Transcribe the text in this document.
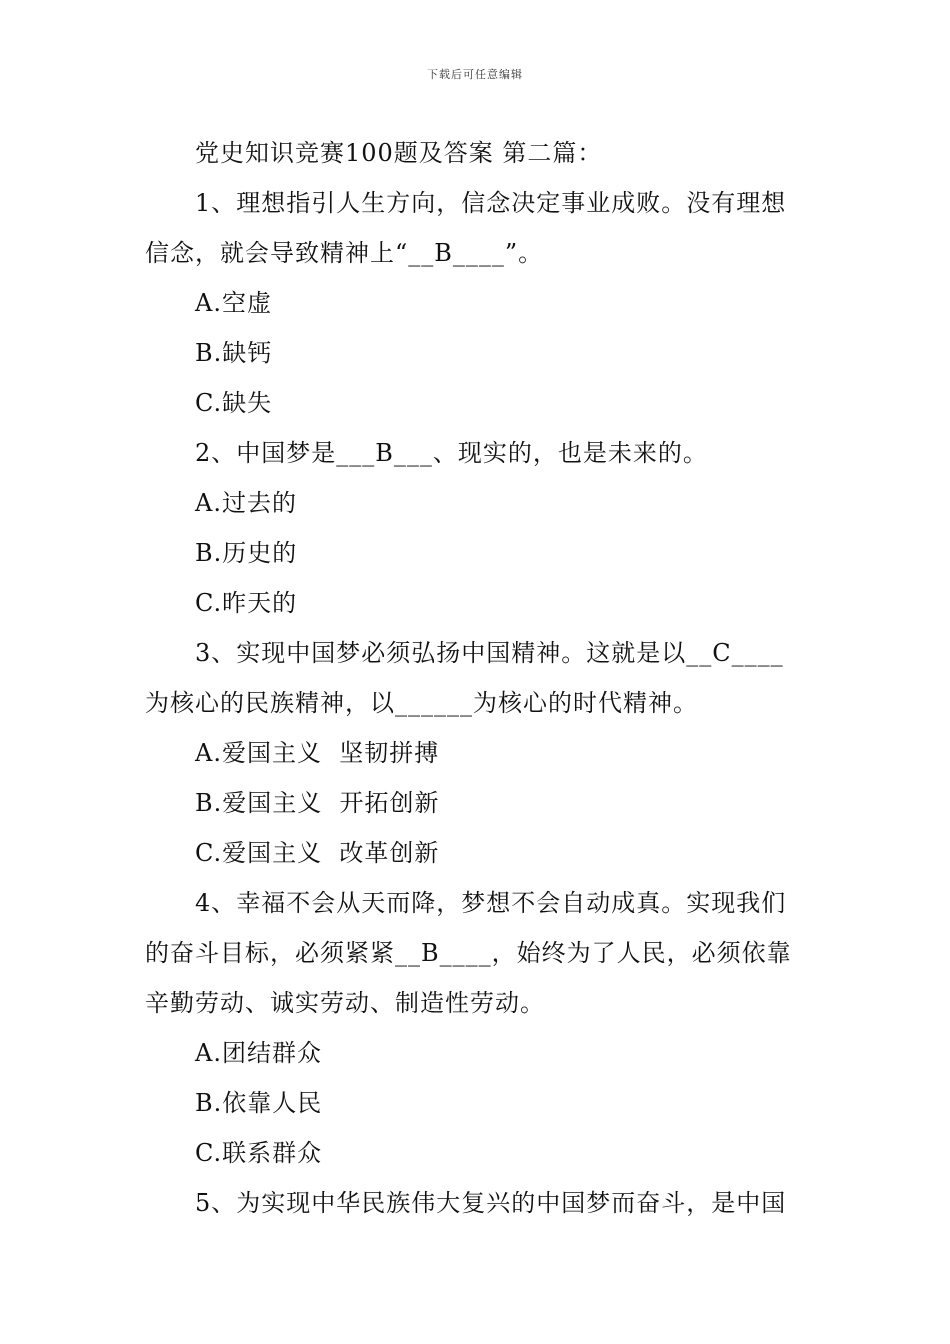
下载后可任意编辑
党史知识竞赛100题及答案 第二篇：
1、理想指引人生方向，信念决定事业成败。没有理想
信念，就会导致精神上“__B____”。
A.空虚
B.缺钙
C.缺失
2、中国梦是___B___、现实的，也是未来的。
A.过去的
B.历史的
C.昨天的
3、实现中国梦必须弘扬中国精神。这就是以__C____
为核心的民族精神，以______为核心的时代精神。
A.爱国主义  坚韧拼搏
B.爱国主义  开拓创新
C.爱国主义  改革创新
4、幸福不会从天而降，梦想不会自动成真。实现我们
的奋斗目标，必须紧紧__B____，始终为了人民，必须依靠
辛勤劳动、诚实劳动、制造性劳动。
A.团结群众
B.依靠人民
C.联系群众
5、为实现中华民族伟大复兴的中国梦而奋斗，是中国
